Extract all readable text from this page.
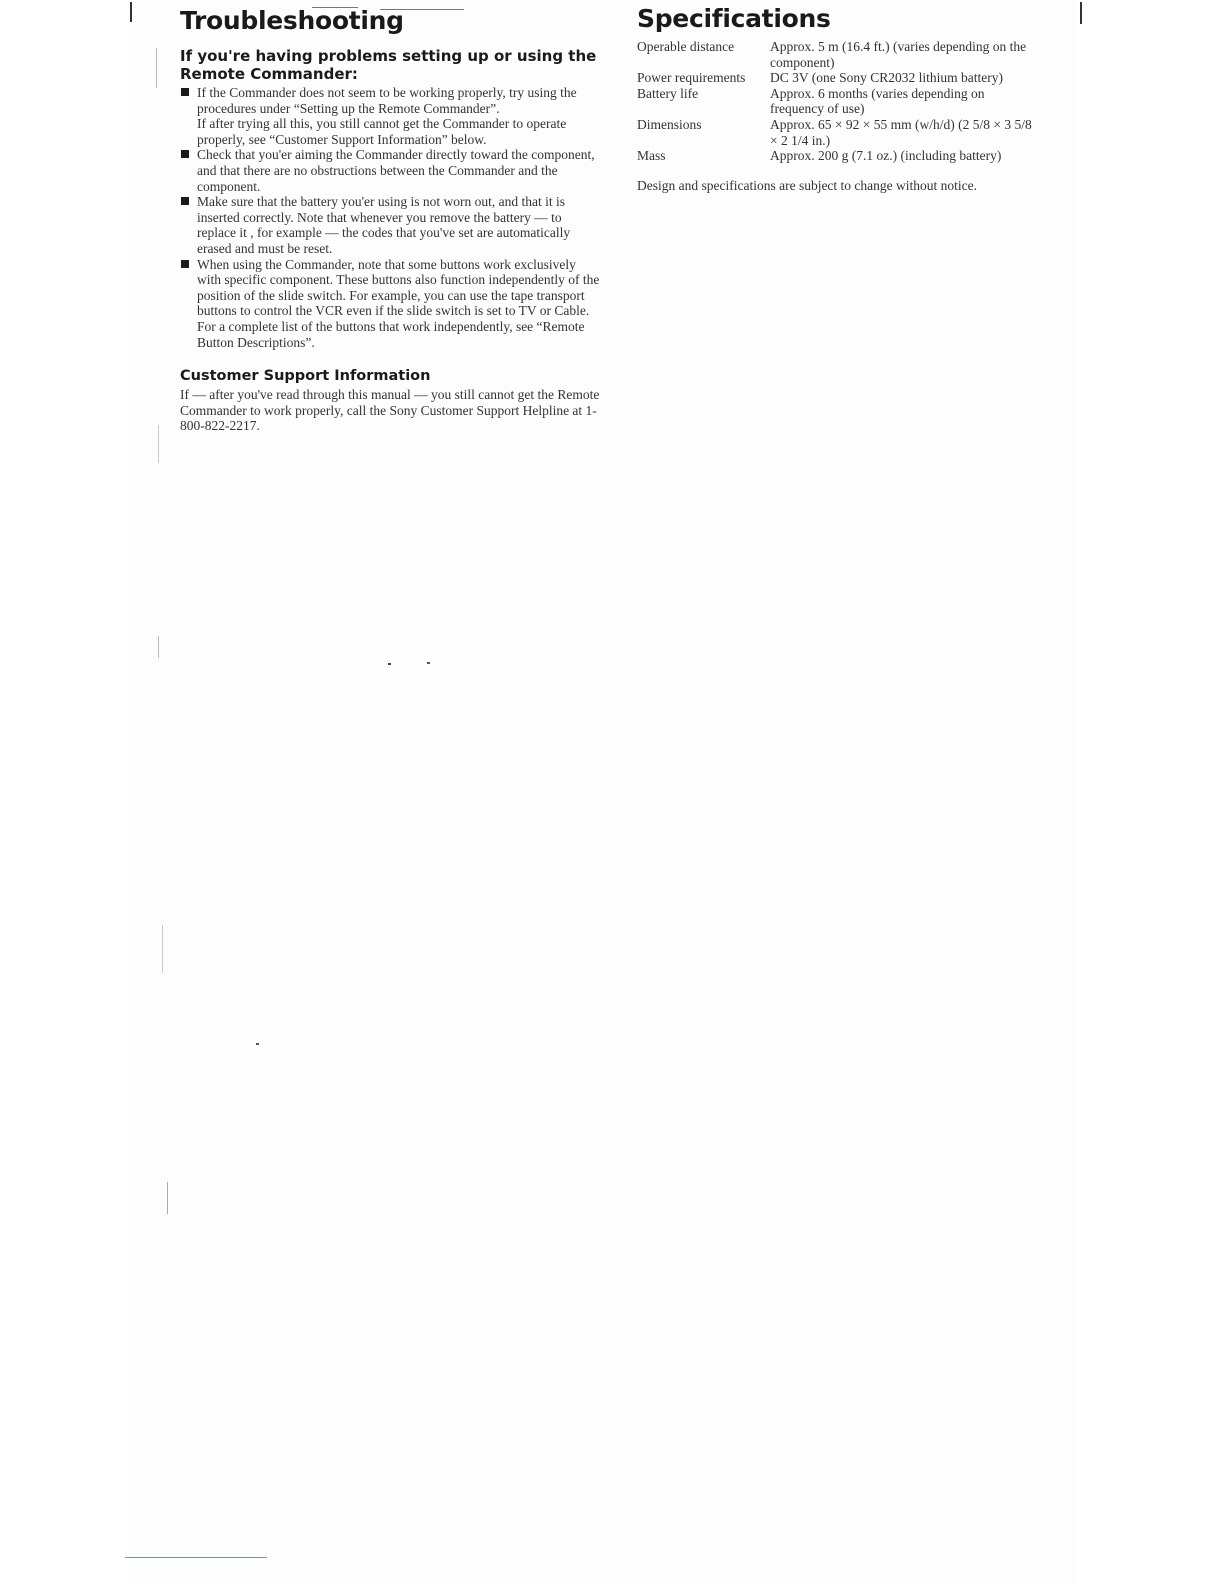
Troubleshooting
If you're having problems setting up or using the Remote Commander:
If the Commander does not seem to be working properly, try using the procedures under “Setting up the Remote Commander”.
If after trying all this, you still cannot get the Commander to operate properly, see “Customer Support Information” below.
Check that you'er aiming the Commander directly toward the component, and that there are no obstructions between the Commander and the component.
Make sure that the battery you'er using is not worn out, and that it is inserted correctly. Note that whenever you remove the battery — to replace it , for example — the codes that you've set are automatically erased and must be reset.
When using the Commander, note that some buttons work exclusively with specific component. These buttons also function independently of the position of the slide switch. For example, you can use the tape transport buttons to control the VCR even if the slide switch is set to TV or Cable. For a complete list of the buttons that work independently, see “Remote Button Descriptions”.
Customer Support Information

If — after you've read through this manual — you still cannot get the Remote Commander to work properly, call the Sony Customer Support Helpline at 1-800-822-2217.

Specifications
Operable distance	Approx. 5 m (16.4 ft.) (varies depending on the component)
Power requirements	DC 3V (one Sony CR2032 lithium battery)
Battery life	Approx. 6 months (varies depending on frequency of use)
Dimensions	Approx. 65 × 92 × 55 mm (w/h/d) (2 5/8 × 3 5/8 × 2 1/4 in.)
Mass	Approx. 200 g (7.1 oz.) (including battery)

Design and specifications are subject to change without notice.
